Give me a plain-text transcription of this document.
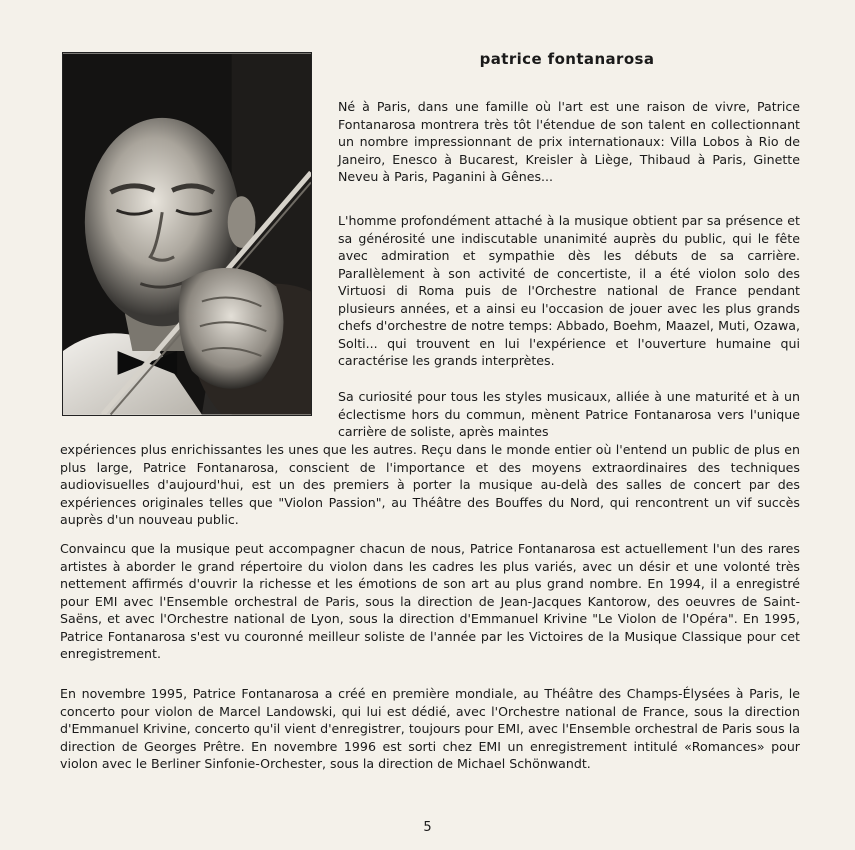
patrice fontanarosa

Né à Paris, dans une famille où l'art est une raison de vivre, Patrice Fontanarosa montrera très tôt l'étendue de son talent en collectionnant un nombre impressionnant de prix internationaux: Villa Lobos à Rio de Janeiro, Enesco à Bucarest, Kreisler à Liège, Thibaud à Paris, Ginette Neveu à Paris, Paganini à Gênes...

L'homme profondément attaché à la musique obtient par sa présence et sa générosité une indiscutable unanimité auprès du public, qui le fête avec admiration et sympathie dès les débuts de sa carrière. Parallèlement à son activité de concertiste, il a été violon solo des Virtuosi di Roma puis de l'Orchestre national de France pendant plusieurs années, et a ainsi eu l'occasion de jouer avec les plus grands chefs d'orchestre de notre temps: Abbado, Boehm, Maazel, Muti, Ozawa, Solti... qui trouvent en lui l'expérience et l'ouverture humaine qui caractérise les grands interprètes.

Sa curiosité pour tous les styles musicaux, alliée à une maturité et à un éclectisme hors du commun, mènent Patrice Fontanarosa vers l'unique carrière de soliste, après maintes

expériences plus enrichissantes les unes que les autres. Reçu dans le monde entier où l'entend un public de plus en plus large, Patrice Fontanarosa, conscient de l'importance et des moyens extraordinaires des techniques audiovisuelles d'aujourd'hui, est un des premiers à porter la musique au-delà des salles de concert par des expériences originales telles que "Violon Passion", au Théâtre des Bouffes du Nord, qui rencontrent un vif succès auprès d'un nouveau public.

Convaincu que la musique peut accompagner chacun de nous, Patrice Fontanarosa est actuellement l'un des rares artistes à aborder le grand répertoire du violon dans les cadres les plus variés, avec un désir et une volonté très nettement affirmés d'ouvrir la richesse et les émotions de son art au plus grand nombre. En 1994, il a enregistré pour EMI avec l'Ensemble orchestral de Paris, sous la direction de Jean-Jacques Kantorow, des oeuvres de Saint-Saëns, et avec l'Orchestre national de Lyon, sous la direction d'Emmanuel Krivine "Le Violon de l'Opéra". En 1995, Patrice Fontanarosa s'est vu couronné meilleur soliste de l'année par les Victoires de la Musique Classique pour cet enregistrement.

En novembre 1995, Patrice Fontanarosa a créé en première mondiale, au Théâtre des Champs-Élysées à Paris, le concerto pour violon de Marcel Landowski, qui lui est dédié, avec l'Orchestre national de France, sous la direction d'Emmanuel Krivine, concerto qu'il vient d'enregistrer, toujours pour EMI, avec l'Ensemble orchestral de Paris sous la direction de Georges Prêtre. En novembre 1996 est sorti chez EMI un enregistrement intitulé «Romances» pour violon avec le Berliner Sinfonie-Orchester, sous la direction de Michael Schönwandt.

5
